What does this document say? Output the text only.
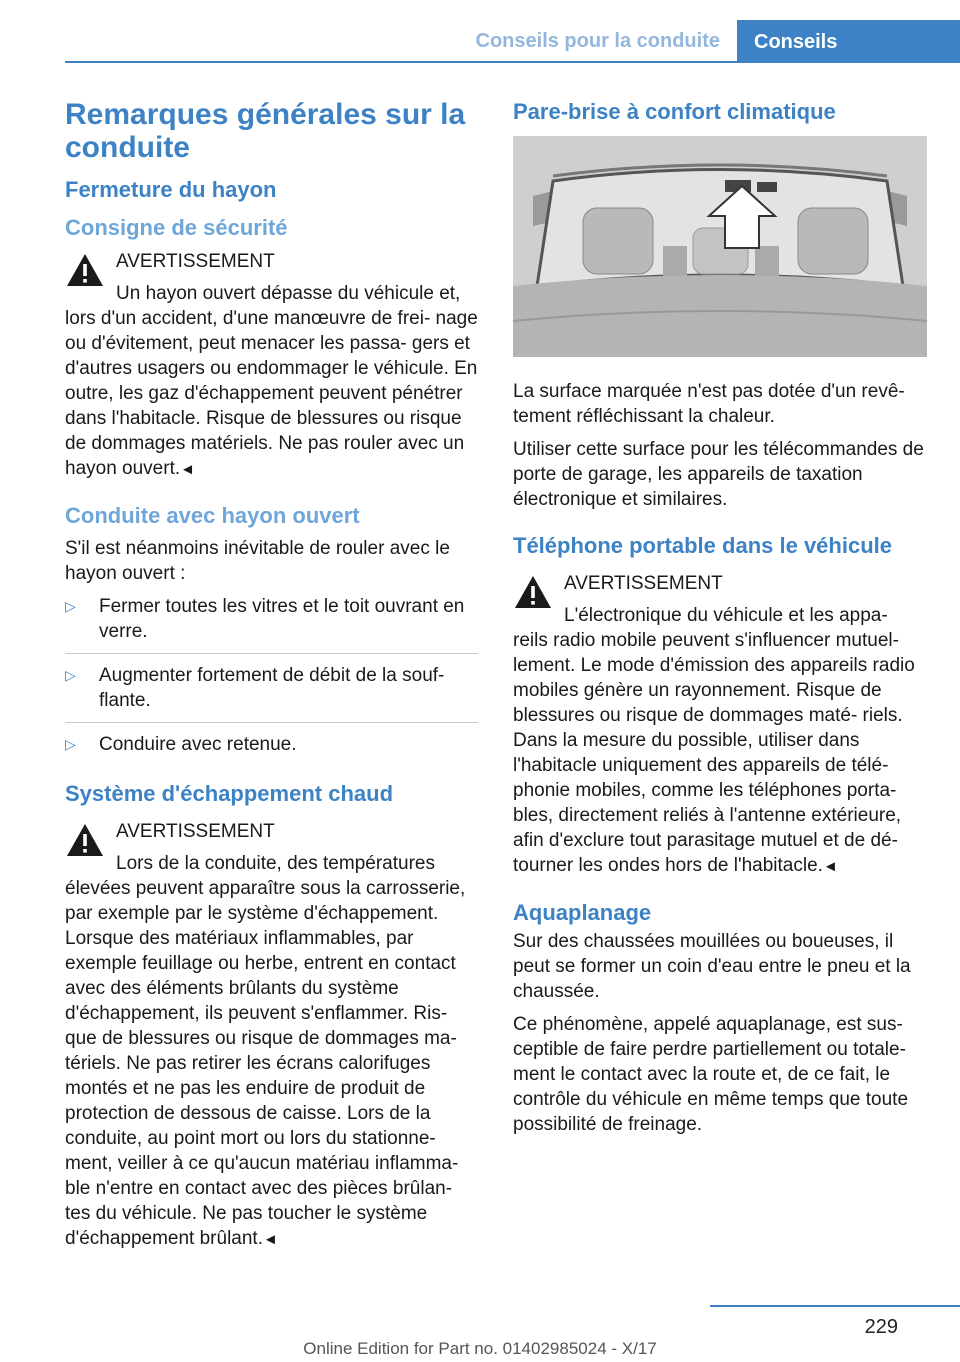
Conseils pour la conduite	Conseils
Remarques générales sur la conduite
Fermeture du hayon
Consigne de sécurité
AVERTISSEMENT
Un hayon ouvert dépasse du véhicule et, lors d'un accident, d'une manœuvre de frei- nage ou d'évitement, peut menacer les passa- gers et d'autres usagers ou endommager le véhicule. En outre, les gaz d'échappement peuvent pénétrer dans l'habitacle. Risque de blessures ou risque de dommages matériels. Ne pas rouler avec un hayon ouvert.◄
Conduite avec hayon ouvert

S'il est néanmoins inévitable de rouler avec le hayon ouvert :

▷ Fermer toutes les vitres et le toit ouvrant en verre.
▷ Augmenter fortement de débit de la souf- flante.
▷ Conduire avec retenue.
Système d'échappement chaud
AVERTISSEMENT
Lors de la conduite, des températures élevées peuvent apparaître sous la carrosserie, par exemple par le système d'échappement. Lorsque des matériaux inflammables, par exemple feuillage ou herbe, entrent en contact avec des éléments brûlants du système d'échappement, ils peuvent s'enflammer. Ris- que de blessures ou risque de dommages ma- tériels. Ne pas retirer les écrans calorifuges montés et ne pas les enduire de produit de protection de dessous de caisse. Lors de la conduite, au point mort ou lors du stationne- ment, veiller à ce qu'aucun matériau inflamma- ble n'entre en contact avec des pièces brûlan- tes du véhicule. Ne pas toucher le système d'échappement brûlant.◄
Pare-brise à confort climatique

La surface marquée n'est pas dotée d'un revê- tement réfléchissant la chaleur.

Utiliser cette surface pour les télécommandes de porte de garage, les appareils de taxation électronique et similaires.

Téléphone portable dans le véhicule
AVERTISSEMENT
L'électronique du véhicule et les appa- reils radio mobile peuvent s'influencer mutuel- lement. Le mode d'émission des appareils radio mobiles génère un rayonnement. Risque de blessures ou risque de dommages maté- riels. Dans la mesure du possible, utiliser dans l'habitacle uniquement des appareils de télé- phonie mobiles, comme les téléphones porta- bles, directement reliés à l'antenne extérieure, afin d'exclure tout parasitage mutuel et de dé- tourner les ondes hors de l'habitacle.◄
Aquaplanage

Sur des chaussées mouillées ou boueuses, il peut se former un coin d'eau entre le pneu et la chaussée.

Ce phénomène, appelé aquaplanage, est sus- ceptible de faire perdre partiellement ou totale- ment le contact avec la route et, de ce fait, le contrôle du véhicule en même temps que toute possibilité de freinage.

229
Online Edition for Part no. 01402985024 - X/17
